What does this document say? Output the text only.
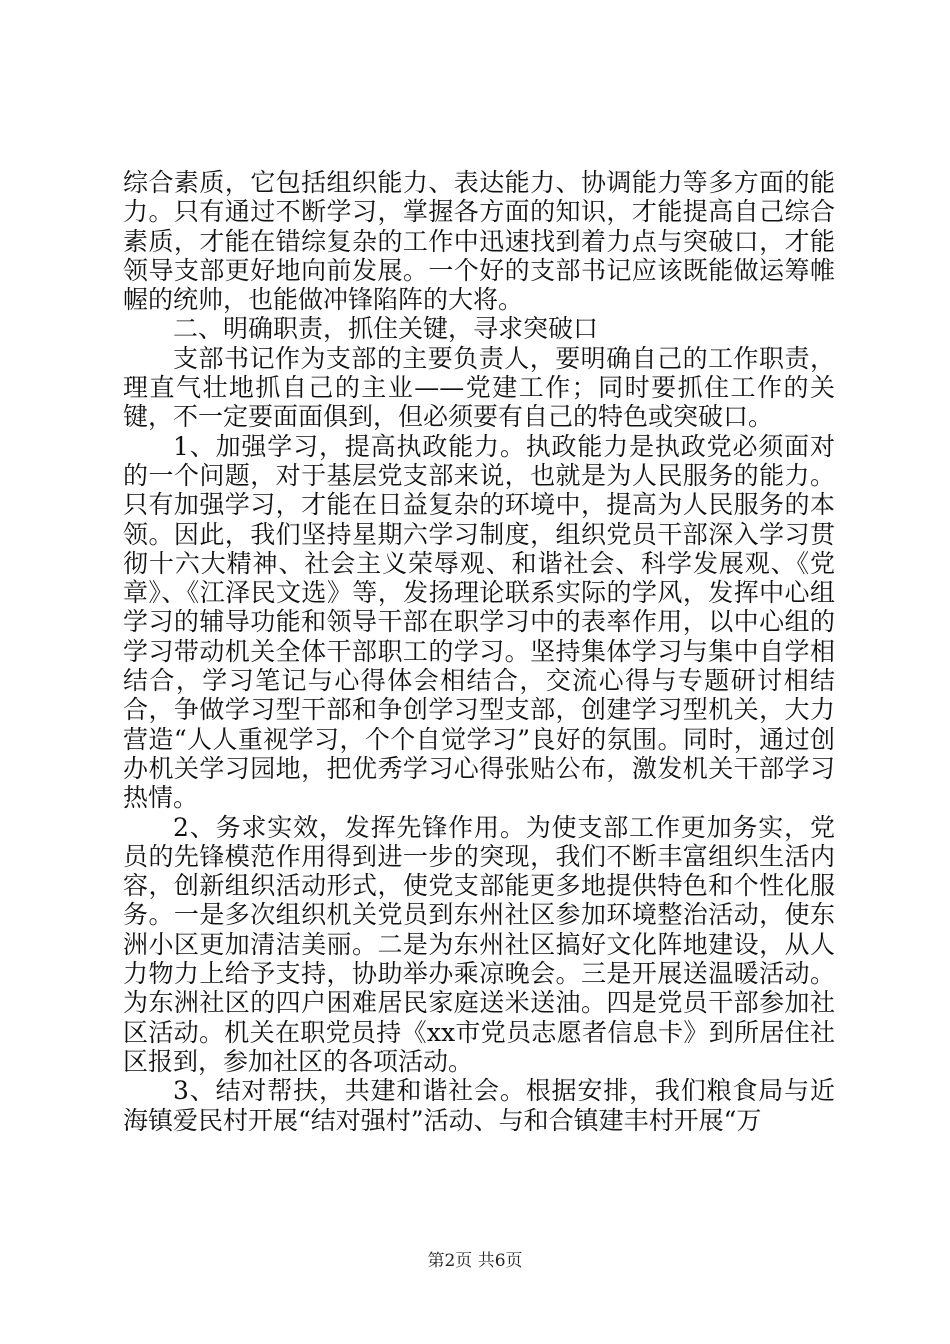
综合素质，它包括组织能力、表达能力、协调能力等多方面的能力。只有通过不断学习，掌握各方面的知识，才能提高自己综合素质，才能在错综复杂的工作中迅速找到着力点与突破口，才能领导支部更好地向前发展。一个好的支部书记应该既能做运筹帷幄的统帅，也能做冲锋陷阵的大将。

二、明确职责，抓住关键，寻求突破口

支部书记作为支部的主要负责人，要明确自己的工作职责，理直气壮地抓自己的主业——党建工作；同时要抓住工作的关键，不一定要面面俱到，但必须要有自己的特色或突破口。

1、加强学习，提高执政能力。执政能力是执政党必须面对的一个问题，对于基层党支部来说，也就是为人民服务的能力。只有加强学习，才能在日益复杂的环境中，提高为人民服务的本领。因此，我们坚持星期六学习制度，组织党员干部深入学习贯彻十六大精神、社会主义荣辱观、和谐社会、科学发展观、《党章》、《江泽民文选》等，发扬理论联系实际的学风，发挥中心组学习的辅导功能和领导干部在职学习中的表率作用，以中心组的学习带动机关全体干部职工的学习。坚持集体学习与集中自学相结合，学习笔记与心得体会相结合，交流心得与专题研讨相结合，争做学习型干部和争创学习型支部，创建学习型机关，大力营造“人人重视学习，个个自觉学习”良好的氛围。同时，通过创办机关学习园地，把优秀学习心得张贴公布，激发机关干部学习热情。

2、务求实效，发挥先锋作用。为使支部工作更加务实，党员的先锋模范作用得到进一步的突现，我们不断丰富组织生活内容，创新组织活动形式，使党支部能更多地提供特色和个性化服务。一是多次组织机关党员到东州社区参加环境整治活动，使东洲小区更加清洁美丽。二是为东州社区搞好文化阵地建设，从人力物力上给予支持，协助举办乘凉晚会。三是开展送温暖活动。为东洲社区的四户困难居民家庭送米送油。四是党员干部参加社区活动。机关在职党员持《xx市党员志愿者信息卡》到所居住社区报到，参加社区的各项活动。

3、结对帮扶，共建和谐社会。根据安排，我们粮食局与近海镇爱民村开展“结对强村”活动、与和合镇建丰村开展“万

第2页 共6页
